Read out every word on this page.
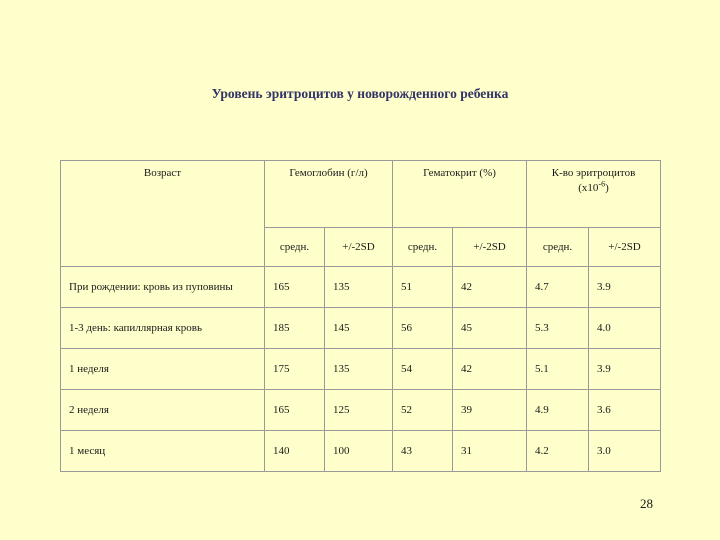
Уровень эритроцитов у новорожденного ребенка
Возраст	Гемоглобин (г/л)		Гематокрит (%)		К-во эритроцитов
$(х10^{-6})$	
	средн.	+/-2SD	средн.	+/-2SD	средн.	+/-2SD
При рождении: кровь из пуповины	165	135	51	42	4.7	3.9
1-3 день: капиллярная кровь	185	145	56	45	5.3	4.0
1 неделя	175	135	54	42	5.1	3.9
2 неделя	165	125	52	39	4.9	3.6
1 месяц	140	100	43	31	4.2	3.0
28
